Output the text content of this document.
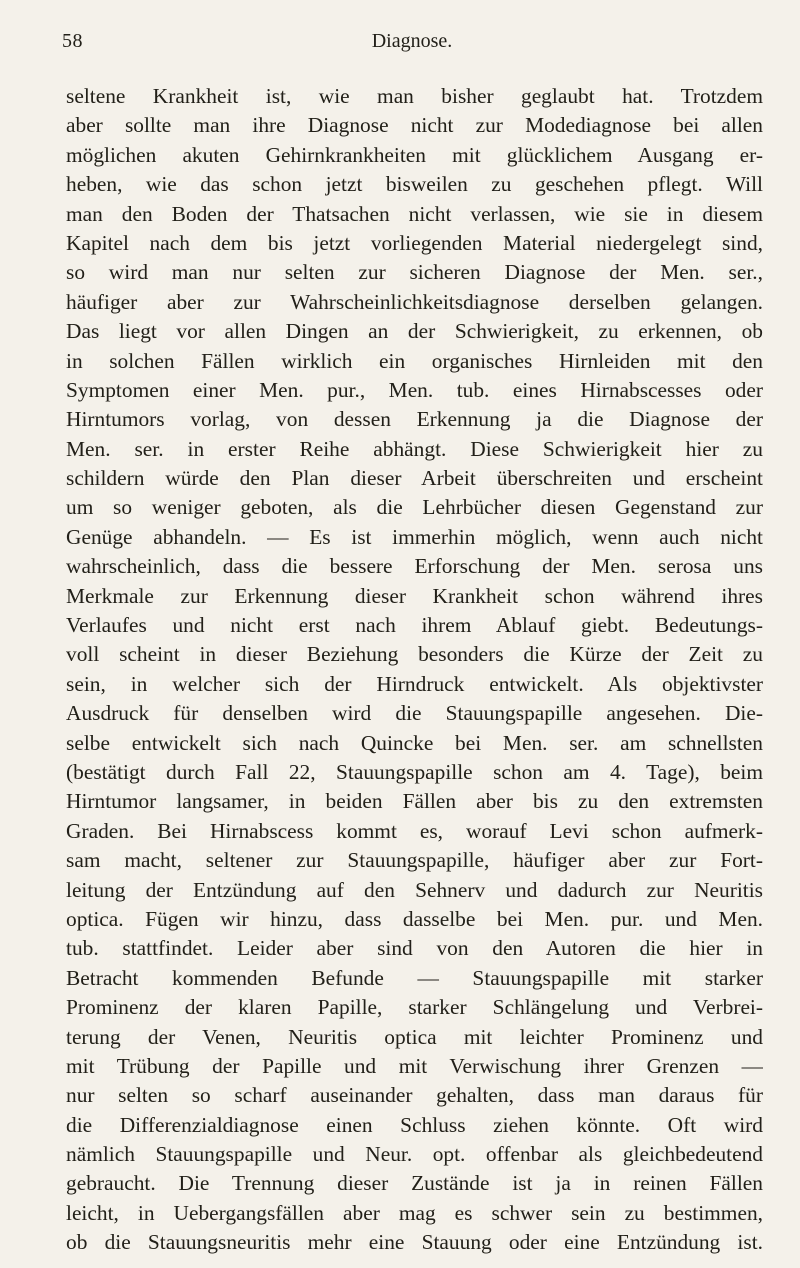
58	Diagnose.
seltene Krankheit ist, wie man bisher geglaubt hat. Trotzdem
aber sollte man ihre Diagnose nicht zur Modediagnose bei allen
möglichen akuten Gehirnkrankheiten mit glücklichem Ausgang er-
heben, wie das schon jetzt bisweilen zu geschehen pflegt. Will
man den Boden der Thatsachen nicht verlassen, wie sie in diesem
Kapitel nach dem bis jetzt vorliegenden Material niedergelegt sind,
so wird man nur selten zur sicheren Diagnose der Men. ser.,
häufiger aber zur Wahrscheinlichkeitsdiagnose derselben gelangen.
Das liegt vor allen Dingen an der Schwierigkeit, zu erkennen, ob
in solchen Fällen wirklich ein organisches Hirnleiden mit den
Symptomen einer Men. pur., Men. tub. eines Hirnabscesses oder
Hirntumors vorlag, von dessen Erkennung ja die Diagnose der
Men. ser. in erster Reihe abhängt. Diese Schwierigkeit hier zu
schildern würde den Plan dieser Arbeit überschreiten und erscheint
um so weniger geboten, als die Lehrbücher diesen Gegenstand zur
Genüge abhandeln. — Es ist immerhin möglich, wenn auch nicht
wahrscheinlich, dass die bessere Erforschung der Men. serosa uns
Merkmale zur Erkennung dieser Krankheit schon während ihres
Verlaufes und nicht erst nach ihrem Ablauf giebt. Bedeutungs-
voll scheint in dieser Beziehung besonders die Kürze der Zeit zu
sein, in welcher sich der Hirndruck entwickelt. Als objektivster
Ausdruck für denselben wird die Stauungspapille angesehen. Die-
selbe entwickelt sich nach Quincke bei Men. ser. am schnellsten
(bestätigt durch Fall 22, Stauungspapille schon am 4. Tage), beim
Hirntumor langsamer, in beiden Fällen aber bis zu den extremsten
Graden. Bei Hirnabscess kommt es, worauf Levi schon aufmerk-
sam macht, seltener zur Stauungspapille, häufiger aber zur Fort-
leitung der Entzündung auf den Sehnerv und dadurch zur Neuritis
optica. Fügen wir hinzu, dass dasselbe bei Men. pur. und Men.
tub. stattfindet. Leider aber sind von den Autoren die hier in
Betracht kommenden Befunde — Stauungspapille mit starker
Prominenz der klaren Papille, starker Schlängelung und Verbrei-
terung der Venen, Neuritis optica mit leichter Prominenz und
mit Trübung der Papille und mit Verwischung ihrer Grenzen —
nur selten so scharf auseinander gehalten, dass man daraus für
die Differenzialdiagnose einen Schluss ziehen könnte. Oft wird
nämlich Stauungspapille und Neur. opt. offenbar als gleichbedeutend
gebraucht. Die Trennung dieser Zustände ist ja in reinen Fällen
leicht, in Uebergangsfällen aber mag es schwer sein zu bestimmen,
ob die Stauungsneuritis mehr eine Stauung oder eine Entzündung ist.
